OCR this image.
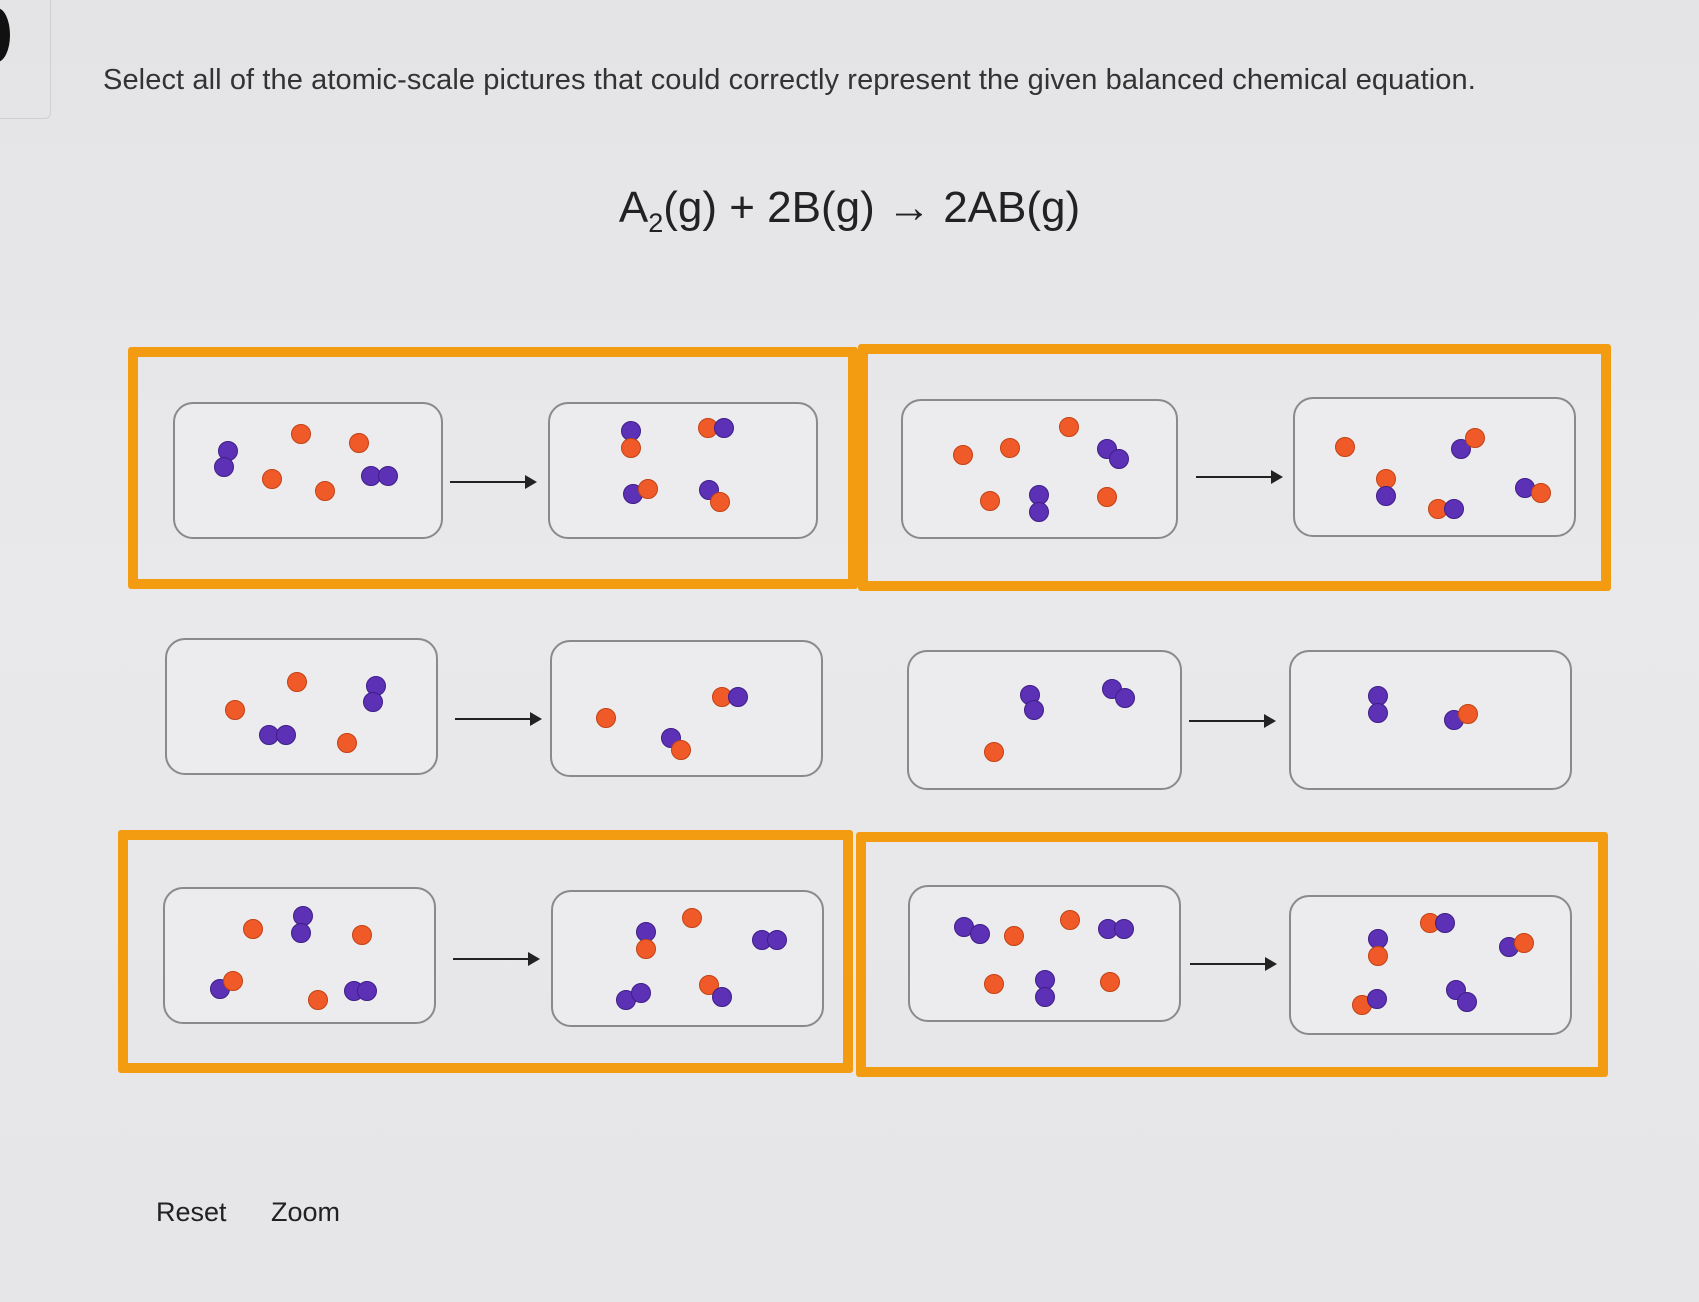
Select all of the atomic-scale pictures that could correctly represent the given balanced chemical equation.
$A_2(g) + 2B(g) \to 2AB(g)$
Reset Zoom
